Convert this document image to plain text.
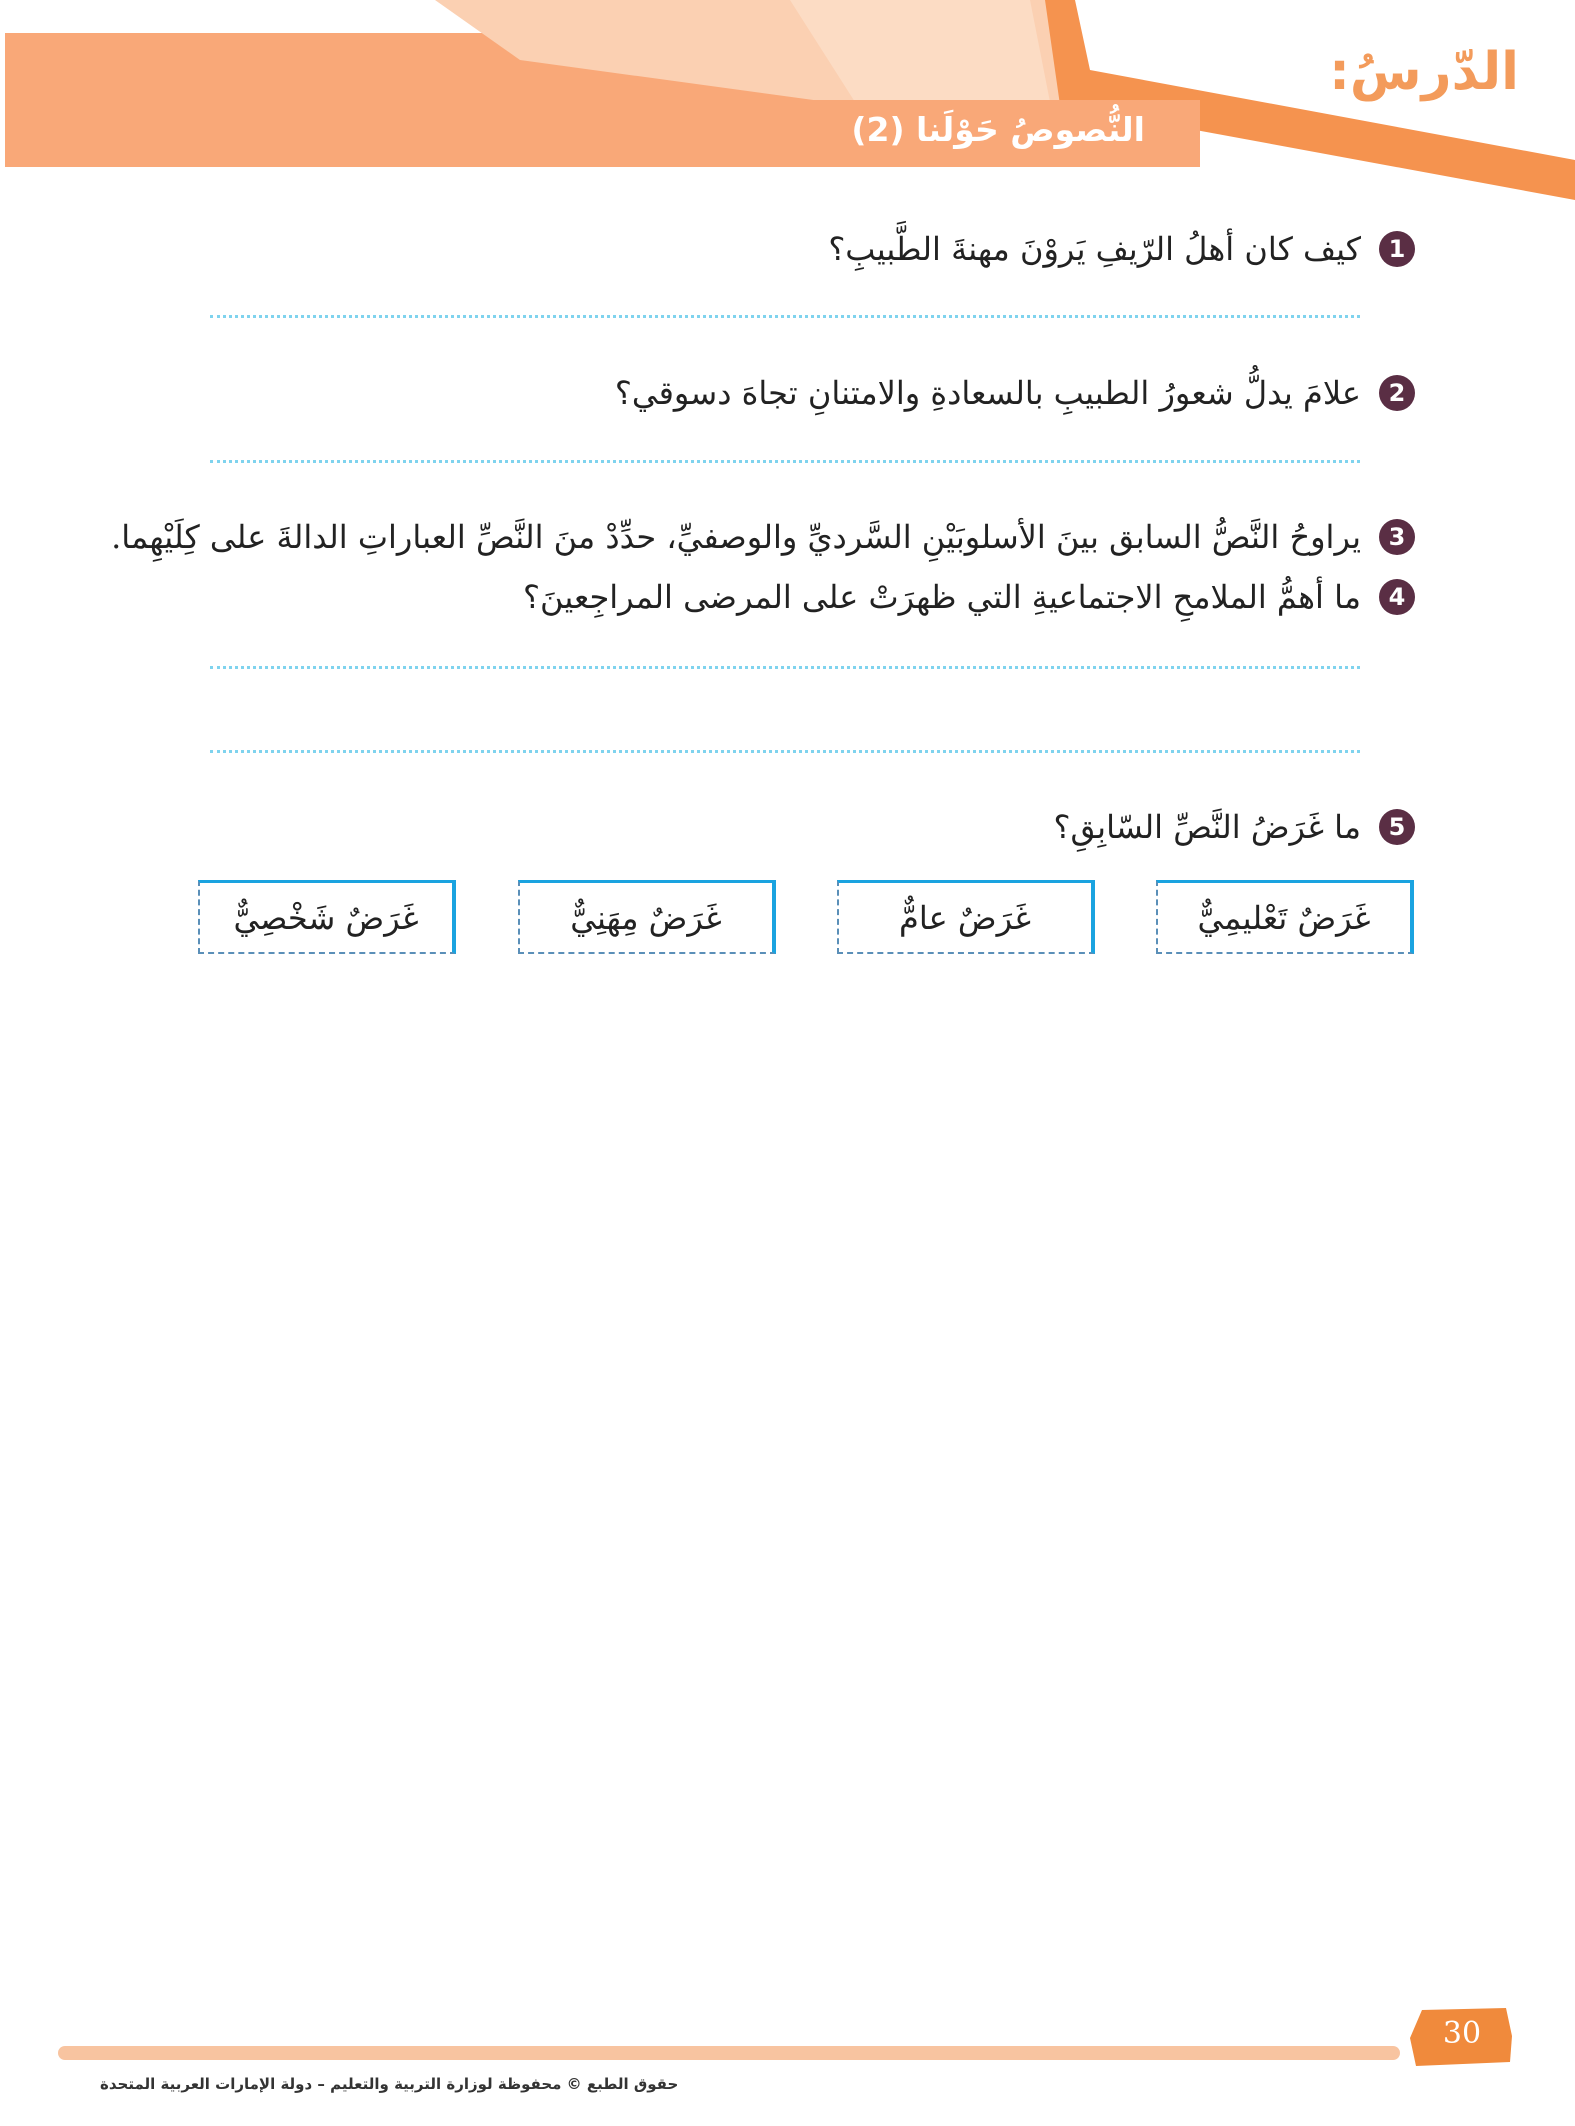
الدّرسُ:
النُّصوصُ حَوْلَنا (2)
1
كيف كان أهلُ الرّيفِ يَروْنَ مهنةَ الطَّبيبِ؟
2
علامَ يدلُّ شعورُ الطبيبِ بالسعادةِ والامتنانِ تجاهَ دسوقي؟
3
يراوحُ النَّصُّ السابق بينَ الأسلوبَيْنِ السَّرديِّ والوصفيِّ، حدِّدْ منَ النَّصِّ العباراتِ الدالةَ على كِلَيْهِما.
4
ما أهمُّ الملامحِ الاجتماعيةِ التي ظهرَتْ على المرضى المراجِعينَ؟
5
ما غَرَضُ النَّصِّ السّابِقِ؟
غَرَضٌ تَعْليمِيٌّ
غَرَضٌ عامٌّ
غَرَضٌ مِهَنِيٌّ
غَرَضٌ شَخْصِيٌّ
30
حقوق الطبع © محفوظة لوزارة التربية والتعليم – دولة الإمارات العربية المتحدة
